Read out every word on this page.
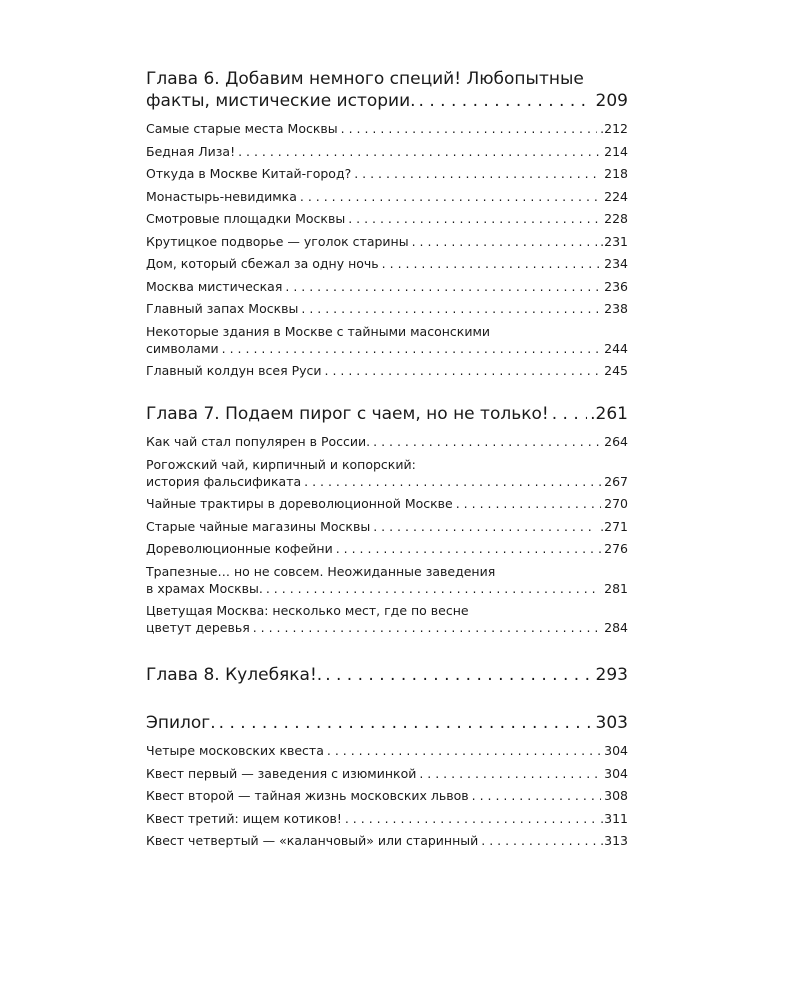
Глава 6. Добавим немного специй! Любопытные
факты, мистические истории. . . .	209
Самые старые места Москвы . . .	.212
Бедная Лиза! . . .	214
Откуда в Москве Китай-город? . . .	218
Монастырь-невидимка . . .	224
Смотровые площадки Москвы . . .	228
Крутицкое подворье — уголок старины . . .	.231
Дом, который сбежал за одну ночь . . .	234
Москва мистическая . . .	236
Главный запах Москвы . . .	238
Некоторые здания в Москве с тайными масонскими
символами . . .	244
Главный колдун всея Руси . . .	245
Глава 7. Подаем пирог с чаем, но не только! . . . .261
Как чай стал популярен в России. . . .	264
Рогожский чай, кирпичный и копорский:
история фальсификата . . .	267
Чайные трактиры в дореволюционной Москве . . .	270
Старые чайные магазины Москвы . . .	.271
Дореволюционные кофейни . . .	276
Трапезные… но не совсем. Неожиданные заведения
в храмах Москвы. . . .	281
Цветущая Москва: несколько мест, где по весне
цветут деревья . . .	284
Глава 8. Кулебяка!. . . .	293
Эпилог. . . .	303
Четыре московских квеста . . .	304
Квест первый — заведения с изюминкой . . .	304
Квест второй — тайная жизнь московских львов . . .	308
Квест третий: ищем котиков! . . .	.311
Квест четвертый — «каланчовый» или старинный . . .	.313
